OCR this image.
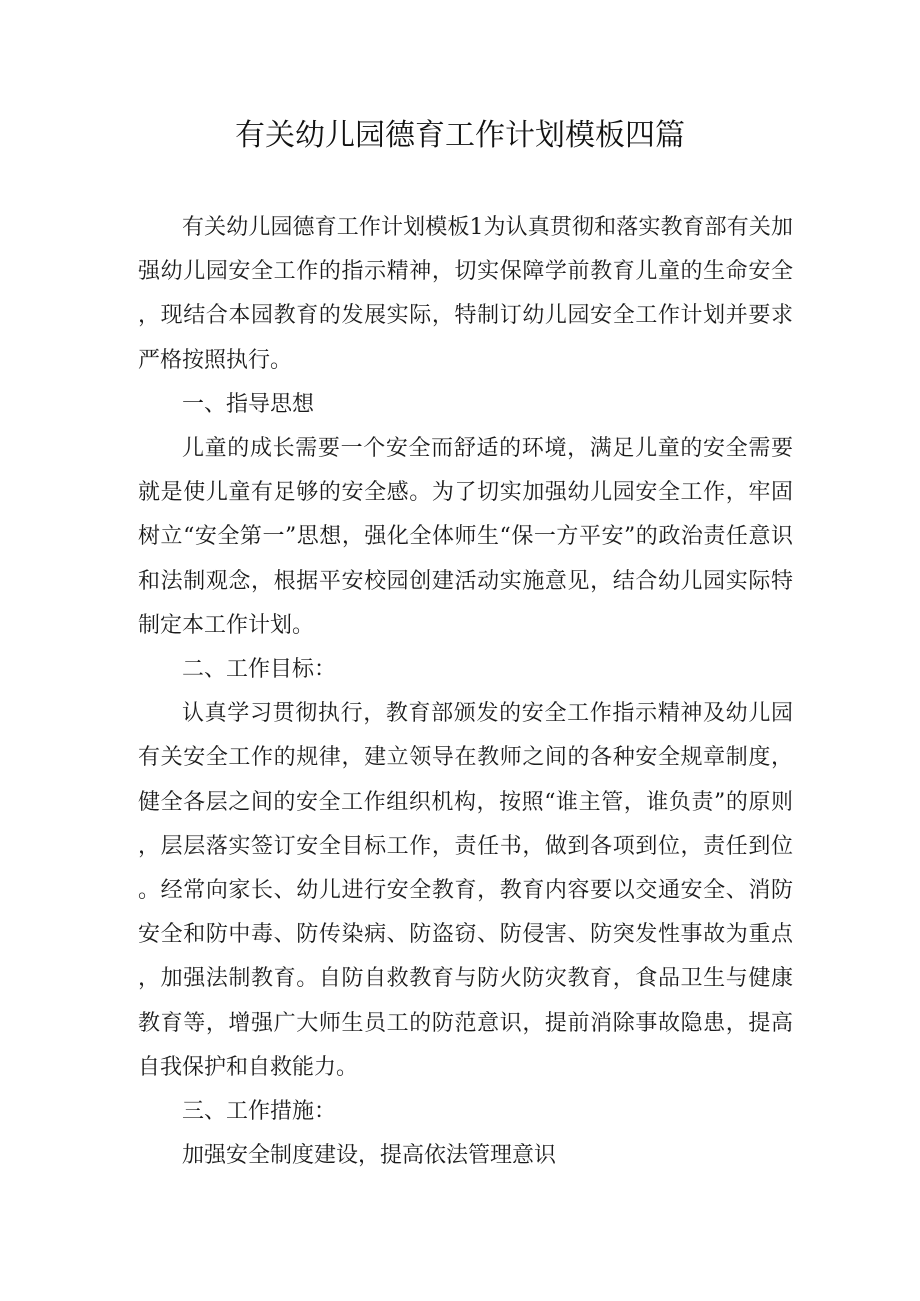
有关幼儿园德育工作计划模板四篇

有关幼儿园德育工作计划模板1为认真贯彻和落实教育部有关加强幼儿园安全工作的指示精神，切实保障学前教育儿童的生命安全，现结合本园教育的发展实际，特制订幼儿园安全工作计划并要求严格按照执行。

一、指导思想

儿童的成长需要一个安全而舒适的环境，满足儿童的安全需要就是使儿童有足够的安全感。为了切实加强幼儿园安全工作，牢固树立“安全第一”思想，强化全体师生“保一方平安”的政治责任意识和法制观念，根据平安校园创建活动实施意见，结合幼儿园实际特制定本工作计划。

二、工作目标：

认真学习贯彻执行，教育部颁发的安全工作指示精神及幼儿园有关安全工作的规律，建立领导在教师之间的各种安全规章制度，健全各层之间的安全工作组织机构，按照“谁主管，谁负责”的原则，层层落实签订安全目标工作，责任书，做到各项到位，责任到位。经常向家长、幼儿进行安全教育，教育内容要以交通安全、消防安全和防中毒、防传染病、防盗窃、防侵害、防突发性事故为重点，加强法制教育。自防自救教育与防火防灾教育，食品卫生与健康教育等，增强广大师生员工的防范意识，提前消除事故隐患，提高自我保护和自救能力。

三、工作措施：

加强安全制度建设，提高依法管理意识
